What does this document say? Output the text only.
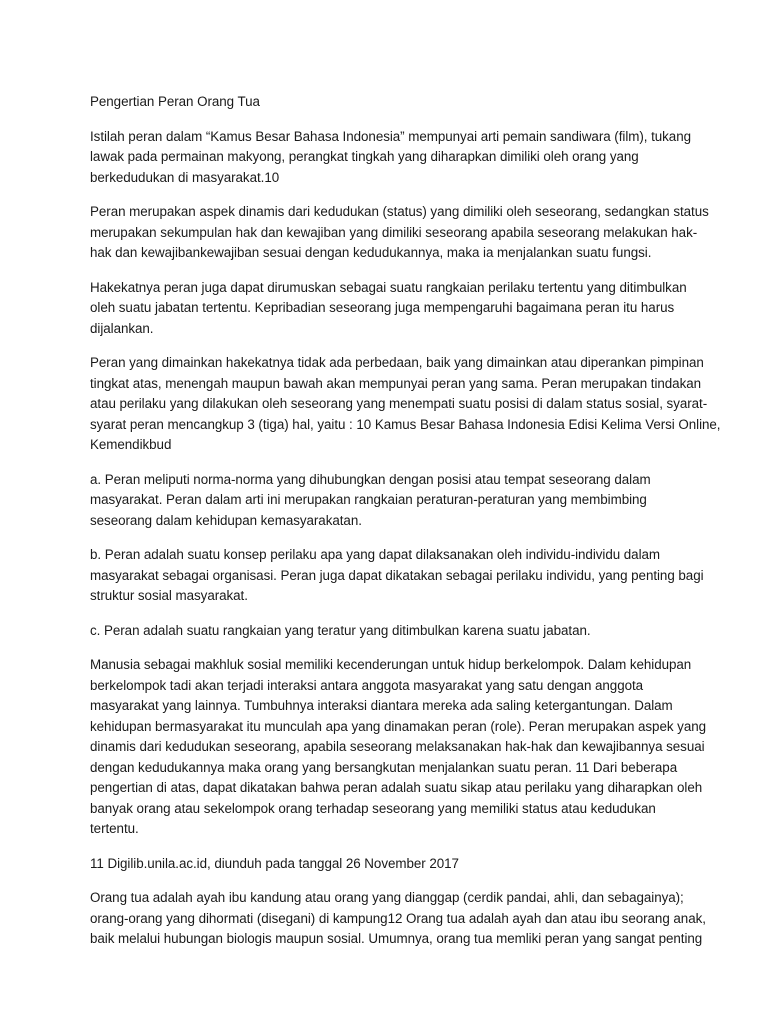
Pengertian Peran Orang Tua
Istilah peran dalam “Kamus Besar Bahasa Indonesia” mempunyai arti pemain sandiwara (film), tukang
lawak pada permainan makyong, perangkat tingkah yang diharapkan dimiliki oleh orang yang
berkedudukan di masyarakat.10
Peran merupakan aspek dinamis dari kedudukan (status) yang dimiliki oleh seseorang, sedangkan status
merupakan sekumpulan hak dan kewajiban yang dimiliki seseorang apabila seseorang melakukan hak-
hak dan kewajibankewajiban sesuai dengan kedudukannya, maka ia menjalankan suatu fungsi.
Hakekatnya peran juga dapat dirumuskan sebagai suatu rangkaian perilaku tertentu yang ditimbulkan
oleh suatu jabatan tertentu. Kepribadian seseorang juga mempengaruhi bagaimana peran itu harus
dijalankan.
Peran yang dimainkan hakekatnya tidak ada perbedaan, baik yang dimainkan atau diperankan pimpinan
tingkat atas, menengah maupun bawah akan mempunyai peran yang sama. Peran merupakan tindakan
atau perilaku yang dilakukan oleh seseorang yang menempati suatu posisi di dalam status sosial, syarat-
syarat peran mencangkup 3 (tiga) hal, yaitu : 10 Kamus Besar Bahasa Indonesia Edisi Kelima Versi Online,
Kemendikbud
a. Peran meliputi norma-norma yang dihubungkan dengan posisi atau tempat seseorang dalam
masyarakat. Peran dalam arti ini merupakan rangkaian peraturan-peraturan yang membimbing
seseorang dalam kehidupan kemasyarakatan.
b. Peran adalah suatu konsep perilaku apa yang dapat dilaksanakan oleh individu-individu dalam
masyarakat sebagai organisasi. Peran juga dapat dikatakan sebagai perilaku individu, yang penting bagi
struktur sosial masyarakat.
c. Peran adalah suatu rangkaian yang teratur yang ditimbulkan karena suatu jabatan.
Manusia sebagai makhluk sosial memiliki kecenderungan untuk hidup berkelompok. Dalam kehidupan
berkelompok tadi akan terjadi interaksi antara anggota masyarakat yang satu dengan anggota
masyarakat yang lainnya. Tumbuhnya interaksi diantara mereka ada saling ketergantungan. Dalam
kehidupan bermasyarakat itu munculah apa yang dinamakan peran (role). Peran merupakan aspek yang
dinamis dari kedudukan seseorang, apabila seseorang melaksanakan hak-hak dan kewajibannya sesuai
dengan kedudukannya maka orang yang bersangkutan menjalankan suatu peran. 11 Dari beberapa
pengertian di atas, dapat dikatakan bahwa peran adalah suatu sikap atau perilaku yang diharapkan oleh
banyak orang atau sekelompok orang terhadap seseorang yang memiliki status atau kedudukan
tertentu.
11 Digilib.unila.ac.id, diunduh pada tanggal 26 November 2017
Orang tua adalah ayah ibu kandung atau orang yang dianggap (cerdik pandai, ahli, dan sebagainya);
orang-orang yang dihormati (disegani) di kampung12 Orang tua adalah ayah dan atau ibu seorang anak,
baik melalui hubungan biologis maupun sosial. Umumnya, orang tua memliki peran yang sangat penting
